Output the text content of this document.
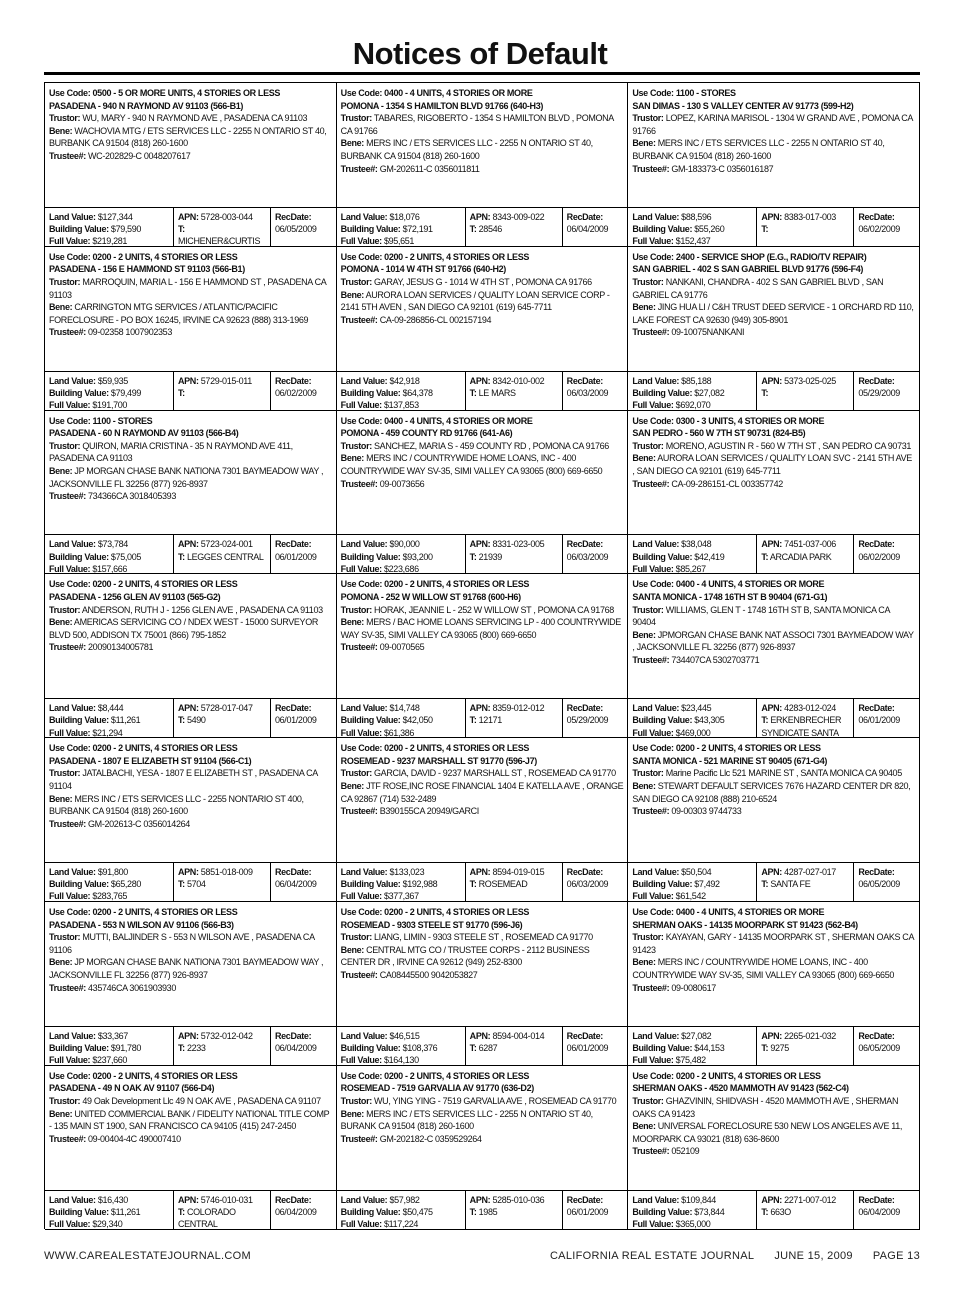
Notices of Default
Use Code: 0500 - 5 OR MORE UNITS, 4 STORIES OR LESS
PASADENA - 940 N RAYMOND AV 91103 (566-B1)
Trustor: WU, MARY - 940 N RAYMOND AVE , PASADENA CA 91103
Bene: WACHOVIA MTG / ETS SERVICES LLC - 2255 N ONTARIO ST 40, BURBANK CA 91504 (818) 260-1600
Trustee#: WC-202829-C 0048207617
Land Value: $127,344
Building Value: $79,590
Full Value: $219,281
APN: 5728-003-044
T: MICHENER&CURTIS
RecDate:
06/05/2009
Use Code: 0400 - 4 UNITS, 4 STORIES OR MORE
POMONA - 1354 S HAMILTON BLVD 91766 (640-H3)
Trustor: TABARES, RIGOBERTO - 1354 S HAMILTON BLVD , POMONA CA 91766
Bene: MERS INC / ETS SERVICES LLC - 2255 N ONTARIO ST 40, BURBANK CA 91504 (818) 260-1600
Trustee#: GM-202611-C 0356011811
Land Value: $18,076
Building Value: $72,191
Full Value: $95,651
APN: 8343-009-022
T: 28546
RecDate:
06/04/2009
Use Code: 1100 - STORES
SAN DIMAS - 130 S VALLEY CENTER AV 91773 (599-H2)
Trustor: LOPEZ, KARINA MARISOL - 1304 W GRAND AVE , POMONA CA 91766
Bene: MERS INC / ETS SERVICES LLC - 2255 N ONTARIO ST 40, BURBANK CA 91504 (818) 260-1600
Trustee#: GM-183373-C 0356016187
Land Value: $88,596
Building Value: $55,260
Full Value: $152,437
APN: 8383-017-003
T:
RecDate:
06/02/2009
Use Code: 0200 - 2 UNITS, 4 STORIES OR LESS
PASADENA - 156 E HAMMOND ST 91103 (566-B1)
Trustor: MARROQUIN, MARIA L - 156 E HAMMOND ST , PASADENA CA 91103
Bene: CARRINGTON MTG SERVICES / ATLANTIC/PACIFIC FORECLOSURE - PO BOX 16245, IRVINE CA 92623 (888) 313-1969
Trustee#: 09-02358 1007902353
Land Value: $59,935
Building Value: $79,499
Full Value: $191,700
APN: 5729-015-011
T:
RecDate:
06/02/2009
Use Code: 0200 - 2 UNITS, 4 STORIES OR LESS
POMONA - 1014 W 4TH ST 91766 (640-H2)
Trustor: GARAY, JESUS G - 1014 W 4TH ST , POMONA CA 91766
Bene: AURORA LOAN SERVICES / QUALITY LOAN SERVICE CORP - 2141 5TH AVEN , SAN DIEGO CA 92101 (619) 645-7711
Trustee#: CA-09-286856-CL 002157194
Land Value: $42,918
Building Value: $64,378
Full Value: $137,853
APN: 8342-010-002
T: LE MARS
RecDate:
06/03/2009
Use Code: 2400 - SERVICE SHOP (E.G., RADIO/TV REPAIR)
SAN GABRIEL - 402 S SAN GABRIEL BLVD 91776 (596-F4)
Trustor: NANKANI, CHANDRA - 402 S SAN GABRIEL BLVD , SAN GABRIEL CA 91776
Bene: JING HUA LI / C&H TRUST DEED SERVICE - 1 ORCHARD RD 110, LAKE FOREST CA 92630 (949) 305-8901
Trustee#: 09-10075NANKANI
Land Value: $85,188
Building Value: $27,082
Full Value: $692,070
APN: 5373-025-025
T:
RecDate:
05/29/2009
Use Code: 1100 - STORES
PASADENA - 60 N RAYMOND AV 91103 (566-B4)
Trustor: QUIRON, MARIA CRISTINA - 35 N RAYMOND AVE 411, PASADENA CA 91103
Bene: JP MORGAN CHASE BANK NATIONA 7301 BAYMEADOW WAY , JACKSONVILLE FL 32256 (877) 926-8937
Trustee#: 734366CA 3018405393
Land Value: $73,784
Building Value: $75,005
Full Value: $157,666
APN: 5723-024-001
T: LEGGES CENTRAL
RecDate:
06/01/2009
Use Code: 0400 - 4 UNITS, 4 STORIES OR MORE
POMONA - 459 COUNTY RD 91766 (641-A6)
Trustor: SANCHEZ, MARIA S - 459 COUNTY RD , POMONA CA 91766
Bene: MERS INC / COUNTRYWIDE HOME LOANS, INC - 400 COUNTRYWIDE WAY SV-35, SIMI VALLEY CA 93065 (800) 669-6650
Trustee#: 09-0073656
Land Value: $90,000
Building Value: $93,200
Full Value: $223,686
APN: 8331-023-005
T: 21939
RecDate:
06/03/2009
Use Code: 0300 - 3 UNITS, 4 STORIES OR MORE
SAN PEDRO - 560 W 7TH ST 90731 (824-B5)
Trustor: MORENO, AGUSTIN R - 560 W 7TH ST , SAN PEDRO CA 90731
Bene: AURORA LOAN SERVICES / QUALITY LOAN SVC - 2141 5TH AVE , SAN DIEGO CA 92101 (619) 645-7711
Trustee#: CA-09-286151-CL 003357742
Land Value: $38,048
Building Value: $42,419
Full Value: $85,267
APN: 7451-037-006
T: ARCADIA PARK
RecDate:
06/02/2009
Use Code: 0200 - 2 UNITS, 4 STORIES OR LESS
PASADENA - 1256 GLEN AV 91103 (565-G2)
Trustor: ANDERSON, RUTH J - 1256 GLEN AVE , PASADENA CA 91103
Bene: AMERICAS SERVICING CO / NDEX WEST - 15000 SURVEYOR BLVD 500, ADDISON TX 75001 (866) 795-1852
Trustee#: 20090134005781
Land Value: $8,444
Building Value: $11,261
Full Value: $21,294
APN: 5728-017-047
T: 5490
RecDate:
06/01/2009
Use Code: 0200 - 2 UNITS, 4 STORIES OR LESS
POMONA - 252 W WILLOW ST 91768 (600-H6)
Trustor: HORAK, JEANNIE L - 252 W WILLOW ST , POMONA CA 91768
Bene: MERS / BAC HOME LOANS SERVICING LP - 400 COUNTRYWIDE WAY SV-35, SIMI VALLEY CA 93065 (800) 669-6650
Trustee#: 09-0070565
Land Value: $14,748
Building Value: $42,050
Full Value: $61,386
APN: 8359-012-012
T: 12171
RecDate:
05/29/2009
Use Code: 0400 - 4 UNITS, 4 STORIES OR MORE
SANTA MONICA - 1748 16TH ST B 90404 (671-G1)
Trustor: WILLIAMS, GLEN T - 1748 16TH ST B, SANTA MONICA CA 90404
Bene: JPMORGAN CHASE BANK NAT ASSOCI 7301 BAYMEADOW WAY , JACKSONVILLE FL 32256 (877) 926-8937
Trustee#: 734407CA 5302703771
Land Value: $23,445
Building Value: $43,305
Full Value: $469,000
APN: 4283-012-024
T: ERKENBRECHER SYNDICATE SANTA
RecDate:
06/01/2009
Use Code: 0200 - 2 UNITS, 4 STORIES OR LESS
PASADENA - 1807 E ELIZABETH ST 91104 (566-C1)
Trustor: JATALBACHI, YESA - 1807 E ELIZABETH ST , PASADENA CA 91104
Bene: MERS INC / ETS SERVICES LLC - 2255 NONTARIO ST 400, BURBANK CA 91504 (818) 260-1600
Trustee#: GM-202613-C 0356014264
Land Value: $91,800
Building Value: $65,280
Full Value: $283,765
APN: 5851-018-009
T: 5704
RecDate:
06/04/2009
Use Code: 0200 - 2 UNITS, 4 STORIES OR LESS
ROSEMEAD - 9237 MARSHALL ST 91770 (596-J7)
Trustor: GARCIA, DAVID - 9237 MARSHALL ST , ROSEMEAD CA 91770
Bene: JTF ROSE,INC ROSE FINANCIAL 1404 E KATELLA AVE , ORANGE CA 92867 (714) 532-2489
Trustee#: B390155CA 20949/GARCI
Land Value: $133,023
Building Value: $192,988
Full Value: $377,367
APN: 8594-019-015
T: ROSEMEAD
RecDate:
06/03/2009
Use Code: 0200 - 2 UNITS, 4 STORIES OR LESS
SANTA MONICA - 521 MARINE ST 90405 (671-G4)
Trustor: Marine Pacific Llc 521 MARINE ST , SANTA MONICA CA 90405
Bene: STEWART DEFAULT SERVICES 7676 HAZARD CENTER DR 820, SAN DIEGO CA 92108 (888) 210-6524
Trustee#: 09-00303 9744733
Land Value: $50,504
Building Value: $7,492
Full Value: $61,542
APN: 4287-027-017
T: SANTA FE
RecDate:
06/05/2009
Use Code: 0200 - 2 UNITS, 4 STORIES OR LESS
PASADENA - 553 N WILSON AV 91106 (566-B3)
Trustor: MUTTI, BALJINDER S - 553 N WILSON AVE , PASADENA CA 91106
Bene: JP MORGAN CHASE BANK NATIONA 7301 BAYMEADOW WAY , JACKSONVILLE FL 32256 (877) 926-8937
Trustee#: 435746CA 3061903930
Land Value: $33,367
Building Value: $91,780
Full Value: $237,660
APN: 5732-012-042
T: 2233
RecDate:
06/04/2009
Use Code: 0200 - 2 UNITS, 4 STORIES OR LESS
ROSEMEAD - 9303 STEELE ST 91770 (596-J6)
Trustor: LIANG, LIMIN - 9303 STEELE ST , ROSEMEAD CA 91770
Bene: CENTRAL MTG CO / TRUSTEE CORPS - 2112 BUSINESS CENTER DR , IRVINE CA 92612 (949) 252-8300
Trustee#: CA08445500 9042053827
Land Value: $46,515
Building Value: $108,376
Full Value: $164,130
APN: 8594-004-014
T: 6287
RecDate:
06/01/2009
Use Code: 0400 - 4 UNITS, 4 STORIES OR MORE
SHERMAN OAKS - 14135 MOORPARK ST 91423 (562-B4)
Trustor: KAYAYAN, GARY - 14135 MOORPARK ST , SHERMAN OAKS CA 91423
Bene: MERS INC / COUNTRYWIDE HOME LOANS, INC - 400 COUNTRYWIDE WAY SV-35, SIMI VALLEY CA 93065 (800) 669-6650
Trustee#: 09-0080617
Land Value: $27,082
Building Value: $44,153
Full Value: $75,482
APN: 2265-021-032
T: 9275
RecDate:
06/05/2009
Use Code: 0200 - 2 UNITS, 4 STORIES OR LESS
PASADENA - 49 N OAK AV 91107 (566-D4)
Trustor: 49 Oak Development Llc 49 N OAK AVE , PASADENA CA 91107
Bene: UNITED COMMERCIAL BANK / FIDELITY NATIONAL TITLE COMP - 135 MAIN ST 1900, SAN FRANCISCO CA 94105 (415) 247-2450
Trustee#: 09-00404-4C 490007410
Land Value: $16,430
Building Value: $11,261
Full Value: $29,340
APN: 5746-010-031
T: COLORADO CENTRAL
RecDate:
06/04/2009
Use Code: 0200 - 2 UNITS, 4 STORIES OR LESS
ROSEMEAD - 7519 GARVALIA AV 91770 (636-D2)
Trustor: WU, YING YING - 7519 GARVALIA AVE , ROSEMEAD CA 91770
Bene: MERS INC / ETS SERVICES LLC - 2255 N ONTARIO ST 40, BURANK CA 91504 (818) 260-1600
Trustee#: GM-202182-C 0359529264
Land Value: $57,982
Building Value: $50,475
Full Value: $117,224
APN: 5285-010-036
T: 1985
RecDate:
06/01/2009
Use Code: 0200 - 2 UNITS, 4 STORIES OR LESS
SHERMAN OAKS - 4520 MAMMOTH AV 91423 (562-C4)
Trustor: GHAZVININ, SHIDVASH - 4520 MAMMOTH AVE , SHERMAN OAKS CA 91423
Bene: UNIVERSAL FORECLOSURE 530 NEW LOS ANGELES AVE 11, MOORPARK CA 93021 (818) 636-8600
Trustee#: 052109
Land Value: $109,844
Building Value: $73,844
Full Value: $365,000
APN: 2271-007-012
T: 663O
RecDate:
06/04/2009
WWW.CAREALESTATEJOURNAL.COM	CALIFORNIA REAL ESTATE JOURNAL JUNE 15, 2009 PAGE 13
